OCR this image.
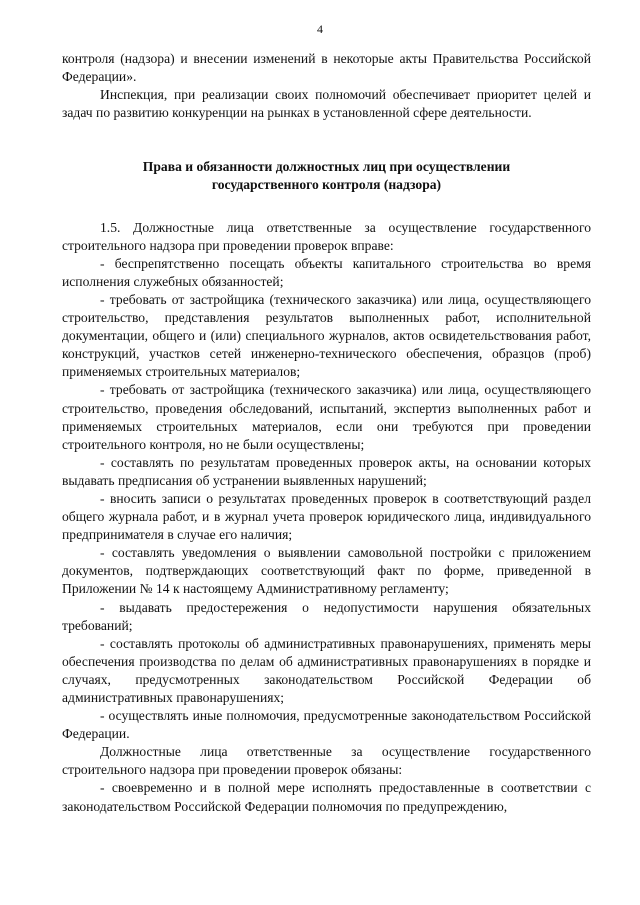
4

контроля (надзора) и внесении изменений в некоторые акты Правительства Российской Федерации».

Инспекция, при реализации своих полномочий обеспечивает приоритет целей и задач по развитию конкуренции на рынках в установленной сфере деятельности.

Права и обязанности должностных лиц при осуществлении
государственного контроля (надзора)

1.5. Должностные лица ответственные за осуществление государственного строительного надзора при проведении проверок вправе:

- беспрепятственно посещать объекты капитального строительства во время исполнения служебных обязанностей;

- требовать от застройщика (технического заказчика) или лица, осуществляющего строительство, представления результатов выполненных работ, исполнительной документации, общего и (или) специального журналов, актов освидетельствования работ, конструкций, участков сетей инженерно-технического обеспечения, образцов (проб) применяемых строительных материалов;

- требовать от застройщика (технического заказчика) или лица, осуществляющего строительство, проведения обследований, испытаний, экспертиз выполненных работ и применяемых строительных материалов, если они требуются при проведении строительного контроля, но не были осуществлены;

- составлять по результатам проведенных проверок акты, на основании которых выдавать предписания об устранении выявленных нарушений;

- вносить записи о результатах проведенных проверок в соответствующий раздел общего журнала работ, и в журнал учета проверок юридического лица, индивидуального предпринимателя в случае его наличия;

- составлять уведомления о выявлении самовольной постройки с приложением документов, подтверждающих соответствующий факт по форме, приведенной в Приложении № 14 к настоящему Административному регламенту;

- выдавать предостережения о недопустимости нарушения обязательных требований;

- составлять протоколы об административных правонарушениях, применять меры обеспечения производства по делам об административных правонарушениях в порядке и случаях, предусмотренных законодательством Российской Федерации об административных правонарушениях;

- осуществлять иные полномочия, предусмотренные законодательством Российской Федерации.

Должностные лица ответственные за осуществление государственного строительного надзора при проведении проверок обязаны:

- своевременно и в полной мере исполнять предоставленные в соответствии с законодательством Российской Федерации полномочия по предупреждению,
